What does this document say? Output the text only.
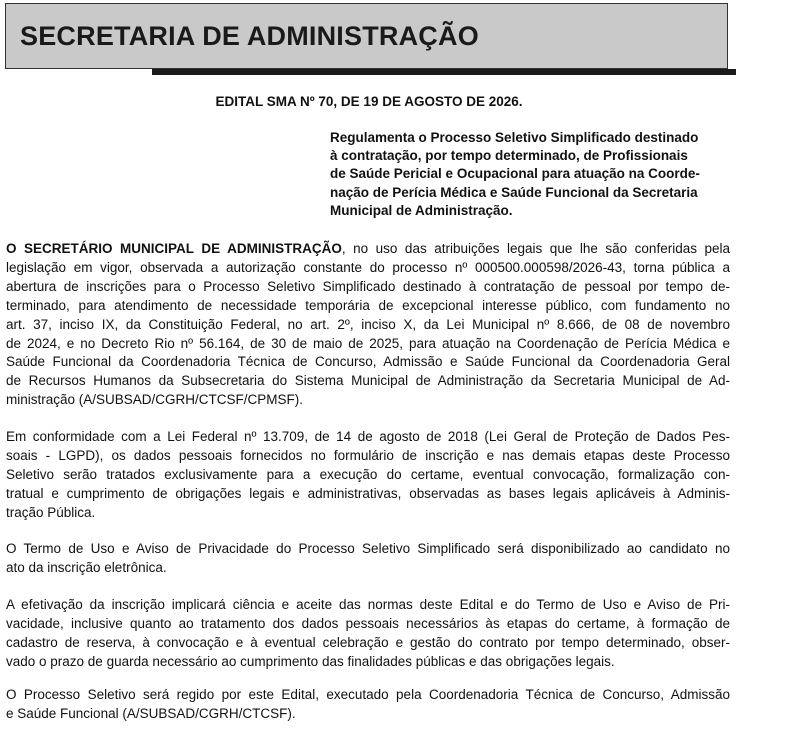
SECRETARIA DE ADMINISTRAÇÃO
EDITAL SMA Nº 70, DE 19 DE AGOSTO DE 2026.
Regulamenta o Processo Seletivo Simplificado destinado
à contratação, por tempo determinado, de Profissionais
de Saúde Pericial e Ocupacional para atuação na Coorde-
nação de Perícia Médica e Saúde Funcional da Secretaria
Municipal de Administração.
O SECRETÁRIO MUNICIPAL DE ADMINISTRAÇÃO, no uso das atribuições legais que lhe são conferidas pela
legislação em vigor, observada a autorização constante do processo nº 000500.000598/2026-43, torna pública a
abertura de inscrições para o Processo Seletivo Simplificado destinado à contratação de pessoal por tempo de-
terminado, para atendimento de necessidade temporária de excepcional interesse público, com fundamento no
art. 37, inciso IX, da Constituição Federal, no art. 2º, inciso X, da Lei Municipal nº 8.666, de 08 de novembro
de 2024, e no Decreto Rio nº 56.164, de 30 de maio de 2025, para atuação na Coordenação de Perícia Médica e
Saúde Funcional da Coordenadoria Técnica de Concurso, Admissão e Saúde Funcional da Coordenadoria Geral
de Recursos Humanos da Subsecretaria do Sistema Municipal de Administração da Secretaria Municipal de Ad-
ministração (A/SUBSAD/CGRH/CTCSF/CPMSF).
Em conformidade com a Lei Federal nº 13.709, de 14 de agosto de 2018 (Lei Geral de Proteção de Dados Pes-
soais - LGPD), os dados pessoais fornecidos no formulário de inscrição e nas demais etapas deste Processo
Seletivo serão tratados exclusivamente para a execução do certame, eventual convocação, formalização con-
tratual e cumprimento de obrigações legais e administrativas, observadas as bases legais aplicáveis à Adminis-
tração Pública.
O Termo de Uso e Aviso de Privacidade do Processo Seletivo Simplificado será disponibilizado ao candidato no
ato da inscrição eletrônica.
A efetivação da inscrição implicará ciência e aceite das normas deste Edital e do Termo de Uso e Aviso de Pri-
vacidade, inclusive quanto ao tratamento dos dados pessoais necessários às etapas do certame, à formação de
cadastro de reserva, à convocação e à eventual celebração e gestão do contrato por tempo determinado, obser-
vado o prazo de guarda necessário ao cumprimento das finalidades públicas e das obrigações legais.
O Processo Seletivo será regido por este Edital, executado pela Coordenadoria Técnica de Concurso, Admissão
e Saúde Funcional (A/SUBSAD/CGRH/CTCSF).
